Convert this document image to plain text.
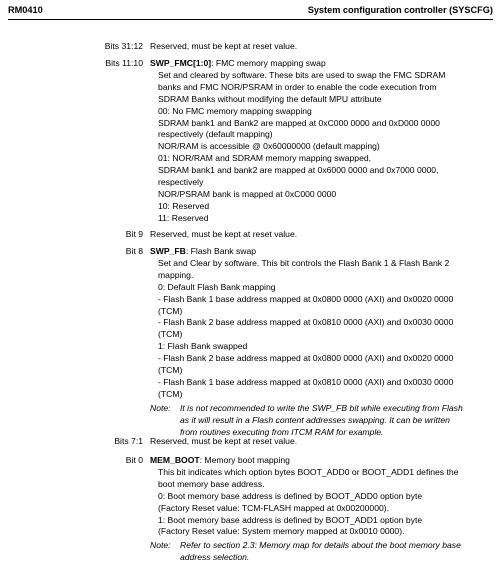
RM0410	System configuration controller (SYSCFG)
Bits 31:12 Reserved, must be kept at reset value.
Bits 11:10 SWP_FMC[1:0]: FMC memory mapping swap
Set and cleared by software. These bits are used to swap the FMC SDRAM
banks and FMC NOR/PSRAM in order to enable the code execution from
SDRAM Banks without modifying the default MPU attribute
00: No FMC memory mapping swapping
SDRAM bank1 and Bank2 are mapped at 0xC000 0000 and 0xD000 0000
respectively (default mapping)
NOR/RAM is accessible @ 0x60000000 (default mapping)
01: NOR/RAM and SDRAM memory mapping swapped,
SDRAM bank1 and bank2 are mapped at 0x6000 0000 and 0x7000 0000,
respectively
NOR/PSRAM bank is mapped at 0xC000 0000
10: Reserved
11: Reserved
Bit 9 Reserved, must be kept at reset value.
Bit 8 SWP_FB: Flash Bank swap
Set and Clear by software. This bit controls the Flash Bank 1 & Flash Bank 2
mapping.
0: Default Flash Bank mapping
- Flash Bank 1 base address mapped at 0x0800 0000 (AXI) and 0x0020 0000
(TCM)
- Flash Bank 2 base address mapped at 0x0810 0000 (AXI) and 0x0030 0000
(TCM)
1: Flash Bank swapped
- Flash Bank 2 base address mapped at 0x0800 0000 (AXI) and 0x0020 0000
(TCM)
- Flash Bank 1 base address mapped at 0x0810 0000 (AXI) and 0x0030 0000
(TCM)
Note: It is not recommended to write the SWP_FB bit while executing from Flash
as it will result in a Flash content addresses swapping. It can be written
from routines executing from ITCM RAM for example.
Bits 7:1 Reserved, must be kept at reset value.
Bit 0 MEM_BOOT: Memory boot mapping
This bit indicates which option bytes BOOT_ADD0 or BOOT_ADD1 defines the
boot memory base address.
0: Boot memory base address is defined by BOOT_ADD0 option byte
(Factory Reset value: TCM-FLASH mapped at 0x00200000).
1: Boot memory base address is defined by BOOT_ADD1 option byte
(Factory Reset value: System memory mapped at 0x0010 0000).
Note: Refer to section 2.3: Memory map for details about the boot memory base
address selection.
